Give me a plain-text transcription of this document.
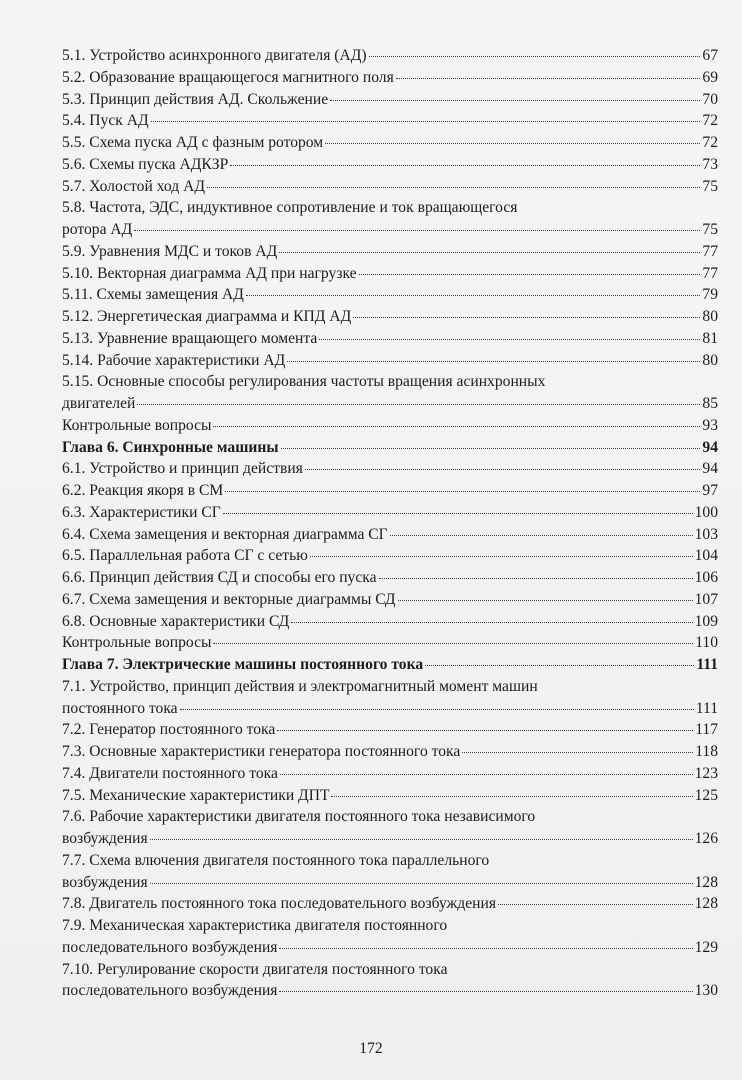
5.1. Устройство асинхронного двигателя (АД)	67
5.2. Образование вращающегося магнитного поля	69
5.3. Принцип действия АД. Скольжение	70
5.4. Пуск АД	72
5.5. Схема пуска АД с фазным ротором	72
5.6. Схемы пуска АДКЗР	73
5.7. Холостой ход АД	75
5.8. Частота, ЭДС, индуктивное сопротивление и ток вращающегося
ротора АД	75
5.9. Уравнения МДС и токов АД	77
5.10. Векторная диаграмма АД при нагрузке	77
5.11. Схемы замещения АД	79
5.12. Энергетическая диаграмма и КПД АД	80
5.13. Уравнение вращающего момента	81
5.14. Рабочие характеристики АД	80
5.15. Основные способы регулирования частоты вращения асинхронных
двигателей	85
Контрольные вопросы	93
Глава 6. Синхронные машины	94
6.1. Устройство и принцип действия	94
6.2. Реакция якоря в СМ	97
6.3. Характеристики СГ	100
6.4. Схема замещения и векторная диаграмма СГ	103
6.5. Параллельная работа СГ с сетью	104
6.6. Принцип действия СД и способы его пуска	106
6.7. Схема замещения и векторные диаграммы СД	107
6.8. Основные характеристики СД	109
Контрольные вопросы	110
Глава 7. Электрические машины постоянного тока	111
7.1. Устройство, принцип действия и электромагнитный момент машин
постоянного тока	111
7.2. Генератор постоянного тока	117
7.3. Основные характеристики генератора постоянного тока	118
7.4. Двигатели постоянного тока	123
7.5. Механические характеристики ДПТ	125
7.6. Рабочие характеристики двигателя постоянного тока независимого
возбуждения	126
7.7. Схема влючения двигателя постоянного тока параллельного
возбуждения	128
7.8. Двигатель постоянного тока последовательного возбуждения	128
7.9. Механическая характеристика двигателя постоянного
последовательного возбуждения	129
7.10. Регулирование скорости двигателя постоянного тока
последовательного возбуждения	130
172
